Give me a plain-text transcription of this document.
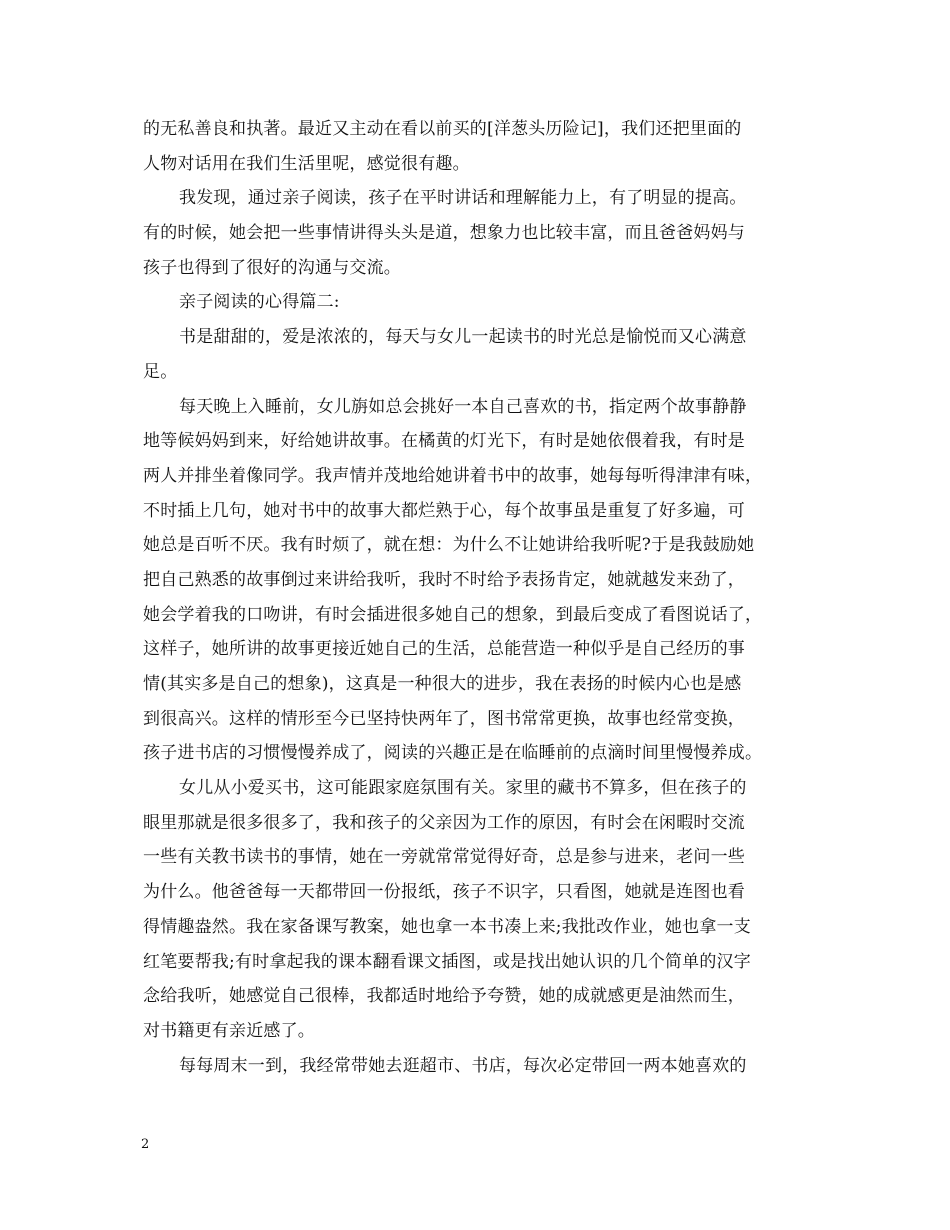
的无私善良和执著。最近又主动在看以前买的[洋葱头历险记]，我们还把里面的
人物对话用在我们生活里呢，感觉很有趣。
我发现，通过亲子阅读，孩子在平时讲话和理解能力上，有了明显的提高。
有的时候，她会把一些事情讲得头头是道，想象力也比较丰富，而且爸爸妈妈与
孩子也得到了很好的沟通与交流。
亲子阅读的心得篇二:
书是甜甜的，爱是浓浓的，每天与女儿一起读书的时光总是愉悦而又心满意
足。
每天晚上入睡前，女儿旃如总会挑好一本自己喜欢的书，指定两个故事静静
地等候妈妈到来，好给她讲故事。在橘黄的灯光下，有时是她依偎着我，有时是
两人并排坐着像同学。我声情并茂地给她讲着书中的故事，她每每听得津津有味，
不时插上几句，她对书中的故事大都烂熟于心，每个故事虽是重复了好多遍，可
她总是百听不厌。我有时烦了，就在想：为什么不让她讲给我听呢?于是我鼓励她
把自己熟悉的故事倒过来讲给我听，我时不时给予表扬肯定，她就越发来劲了，
她会学着我的口吻讲，有时会插进很多她自己的想象，到最后变成了看图说话了，
这样子，她所讲的故事更接近她自己的生活，总能营造一种似乎是自己经历的事
情(其实多是自己的想象)，这真是一种很大的进步，我在表扬的时候内心也是感
到很高兴。这样的情形至今已坚持快两年了，图书常常更换，故事也经常变换，
孩子进书店的习惯慢慢养成了，阅读的兴趣正是在临睡前的点滴时间里慢慢养成。
女儿从小爱买书，这可能跟家庭氛围有关。家里的藏书不算多，但在孩子的
眼里那就是很多很多了，我和孩子的父亲因为工作的原因，有时会在闲暇时交流
一些有关教书读书的事情，她在一旁就常常觉得好奇，总是参与进来，老问一些
为什么。他爸爸每一天都带回一份报纸，孩子不识字，只看图，她就是连图也看
得情趣盎然。我在家备课写教案，她也拿一本书凑上来;我批改作业，她也拿一支
红笔要帮我;有时拿起我的课本翻看课文插图，或是找出她认识的几个简单的汉字
念给我听，她感觉自己很棒，我都适时地给予夸赞，她的成就感更是油然而生，
对书籍更有亲近感了。
每每周末一到，我经常带她去逛超市、书店，每次必定带回一两本她喜欢的
2
